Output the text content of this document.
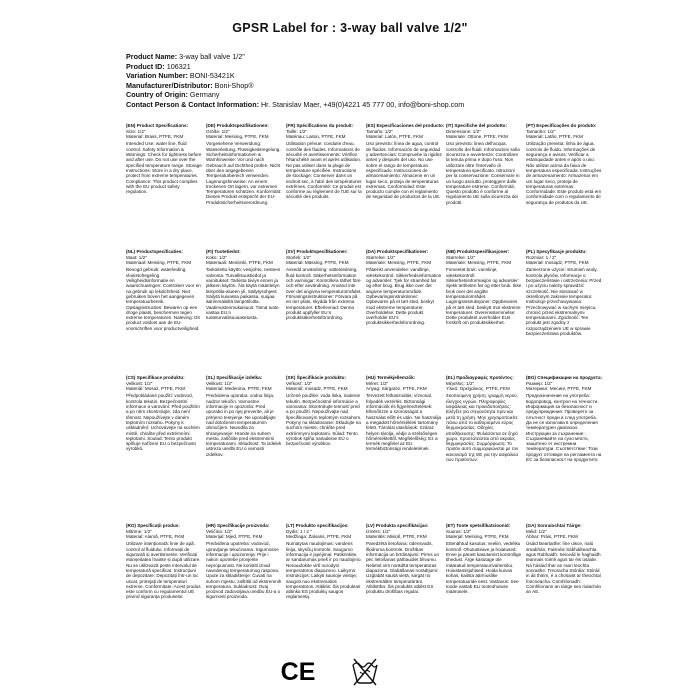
GPSR Label for : 3-way ball valve 1/2"
Product Name: 3-way ball valve 1/2"
Product ID: 106321
Variation Number: BONI-53421K
Manufacturer/Distributor: Boni-Shop®
Country of Origin: Germany
Contact Person & Contact Information: Hr. Stanislav Maer, +49(0)4221 45 777 00, info@boni-shop.com
(EN) Product Specifications:
Size: 1/2"
Material: Brass, PTFE, FKM
Intended Use: water line, fluid control. Safety Information & Warnings: Check for tightness before and after use. Do not use over the specified temperature range. Storage Instructions: Store in a dry place, protect from extreme temperatures. Compliance: This product complies with the EU product safety regulation.
(DE) Produktspezifikationen:
Größe: 1/2"
Material: Messing, PTFE, FKM
Vorgesehene Verwendung: Wasserleitung, Flüssigkeitsregelung. Sicherheitsinformationen & Warnhinweise: Vor und nach Gebrauch auf Dichtheit prüfen. Nicht über den angegebenen Temperaturbereich verwenden. Lagerungshinweise: An einem trockenen Ort lagern, vor extremen Temperaturen schützen. Konformität: Dieses Produkt entspricht der EU-Produktsicherheitsverordnung.
(FR) Spécifications du produit:
Taille: 1/2"
Matériau: Laiton, PTFE, FKM
Utilisation prévue: conduite d'eau, contrôle des fluides. Informations de sécurité et avertissements: Vérifiez l'étanchéité avant et après utilisation. Ne pas utiliser dans la plage de température spécifiée. Instructions de stockage: Conserver dans un endroit sec, à l'abri des températures extrêmes. Conformité: Ce produit est conforme au règlement de l'UE sur la sécurité des produits.
(ES) Especificaciones del producto:
Tamaño: 1/2"
Material: Latón, PTFE, FKM
Uso previsto: línea de agua, control de fluidos. Información de seguridad y advertencias: Compruebe la rigidez antes y después del uso. No use sobre el rango de temperatura especificado. Instrucciones de almacenamiento: Almacene en un lugar seco, proteja de temperaturas extremas. Conformidad: Este producto cumple con el reglamento de seguridad de productos de la UE.
(IT) Specifiche del prodotto:
Dimensione: 1/2"
Materiale: Ottone, PTFE, FKM
Uso previsto: linea dell'acqua, controllo dei fluidi. Informazioni sulla sicurezza e avvertenze: Controllare la tenuta prima e dopo l'uso. Non utilizzare oltre l'intervallo di temperatura specificato. Istruzioni per la conservazione: Conservare in un luogo asciutto, proteggere dalle temperature estreme. Conformità: Questo prodotto è conforme al regolamento UE sulla sicurezza dei prodotti.
(PT) Especificações do produto:
Tamanho: 1/2"
Material: Latão, PTFE, FKM
Utilização prevista: linha de água, controlo de fluido. Informações de segurança e avisos: Verificar a estanquidade antes e após o uso. Não utilizar acima da faixa de temperatura especificada. Instruções de armazenamento: Armazenar em um lugar seco, proteja de temperaturas extremas. Conformidade: Este produto está em conformidade com o regulamento de segurança de produtos da UE.
(NL) Productspecificaties:
Maat: 1/2"
Materiaal: Messing, PTFE, FKM
Beoogd gebruik: waterleiding, vloeistofregeling. Veiligheidsinformatie en waarschuwingen: Controleer voor en na gebruik op lekdichtheid. Niet gebruiken boven het aangegeven temperatuurbereik. Opslaginstructies: Bewaren op een droge plaats, beschermen tegen extreme temperaturen. Naleving: Dit product voldoet aan de EU-voorschriften voor productveiligheid.
(FI) Tuotetiedot:
Koko: 1/2"
Materiaali: Messinki, PTFE, FKM
Tarkoitettu käyttö: vesijohto, nesteen valvonta. Turvallisuustiedot ja varoitukset: Tarkista tiiviys ennen ja jälkeen käytön. Älä käytä määritetyn lämpötila-alueen yli. Säilytysohjeet: Säilytä kuivassa paikassa, suojaa äärimmäisiltä lämpötiloilta. Vaatimustenmukaisuus: Tämä tuote vastaa EU:n tuoteturvallisuusasetusta.
(SV) Produktspecifikationer:
Storlek: 1/2"
Material: Mässing, PTFE, FKM
Avsedd användning: vattenledning, fluid kontroll. Säkerhetsinformation och varningar: Kontrollera täthet före och efter användning. Använd inte över det angivna temperaturområdet. Förvaringsinstruktioner: Förvara på en torr plats, skydda från extrema temperaturer. Efterlevnad: Denna produkt uppfyller EU:s produktsäkerhetsförordning.
(DA) Produktspecifikationer:
Størrelse: 1/2"
Materiale: Messing, PTFE, FKM
Påtænkt anvendelse: vandlinje, væskekontrol. Sikkerhedsinformation og advarsler: Tjek for stramhed før og efter brug. Brug ikke over det angivne temperaturområde. Opbevaringsinstruktioner: Opbevares på et tørt sted, beskyt mod ekstreme temperaturer. Overholdelse: Dette produkt overholder EU's produktsikkerhedsforordning.
(NB) Produktspesifikasjoner:
Størrelse: 1/2"
Materiale: Messing, PTFE, FKM
Forventet bruk: vannlinje, væskekontroll. Sikkerhetsinformasjon og advarsler: Sjekk tettheten før og etter bruk. Ikke bruk over det angitte temperaturområdet. Lagringsinstruksjoner: Oppbevares på et tørt sted, beskytt mot ekstreme temperaturer. Overensstemmelse: Dette produktet overholder EUs forskrift om produktsikkerhet.
(PL) Specyfikacje produktu:
Rozmiar: 1 / 2"
Materiał: mosiądz, PTFE, FKM
Zamierzone użycie: strumień wody, kontrola płynów. Informacje o bezpieczeństwie i ostrzeżenia: Przed i po użyciu należy sprawdzić szczelność. Nie stosować w określonym zakresie temperatur. Instrukcje przechowywania: Przechowywać w suchym miejscu, chronić przed ekstremalnymi temperaturami. Zgodność: Ten produkt jest zgodny z rozporządzeniem UE w sprawie bezpieczeństwa produktów.
(CS) Specifikace produktu:
Velikost: 1/2"
Materiál: Mosaz, PTFE, FKM
Předpokládané použití: vodovod, kontrola tekutin. Bezpečnostní informace a varování: Před použitím a po něm zkontrolujte, zda není těsnost. Nepoužívejte v daném teplotním rozsahu. Pokyny k uskladnění: Uchovávejte na suchém místě, chraňte před extrémními teplotami. Soulad: Tento produkt splňuje nařízení EU o bezpečnosti výrobků.
(SL) Specifikacije izdelka:
Velikost: 1/2"
Material: Medenina, PTFE, FKM
Predvidena uporaba: vodna linija, nadzor tekočin. Varnostne informacije in opozorila: Pred uporabo in po njej preverite, ali je pritrjeno tesnjenje. Ne uporabljajte nad določenim temperaturnim območjem. Navodila za shranjevanje: Hranite na suhem mestu, zaščitite pred ekstremnimi temperaturami. Skladnost: Ta izdelek ustreza uredbi EU o varnosti izdelkov.
(SK) Špecifikácie produktu:
Veľkosť: 1/2"
Materiál: mosadz, PTFE, FKM
Určené použitie: voda linka, riadenie tekutín. Bezpečnostné informácie a varovania: Skontrolujte tesnosť pred a po použití. Nepoužívajte nad špecifikovaným teplotným rozsahom. Pokyny na skladovanie: Skladujte na suchom mieste, chráňte pred extrémnymi teplotami. Súlad: Tento výrobok spĺňa nariadenie EÚ o bezpečnosti výrobkov.
(HU) Termékjellemzők:
Méret: 1/2"
Anyag: Sárgaréz, PTFE, FKM
Tervezett felhasználás: vízvonal, folyadék vezérlés. Biztonsági információk és figyelmeztetések: Ellenőrizze a szorosságot a használat előtt és után. Ne használja a megadott hőmérsékleti tartomány felett. Tárolási utasítások: Száraz helyen tárolja, védje a szélsőséges hőmérséklettől. Megfelelőség: Ez a termék megfelel az EU termékbiztonsági rendeletének.
(EL) Προδιαγραφές προϊόντος:
Μέγεθος: 1/2"
Υλικό: Ορείχαλκος, PTFE, FKM
Σκοπούμενη χρήση: γραμμή νερού, έλεγχος υγρών. Πληροφορίες ασφάλειας και προειδοποιήσεις: Ελέγξτε για στεγανότητα πριν και μετά τη χρήση. Μην χρησιμοποιείτε πάνω από το καθορισμένο εύρος θερμοκρασίας. Οδηγίες αποθήκευσης: Φυλάσσεται σε ξηρό χώρο, προστατεύεται από ακραίες θερμοκρασίες. Συμμόρφωση: Το προϊόν αυτό συμμορφώνεται με τον κανονισμό της ΕΕ για την ασφάλεια των προϊόντων.
(BG) Спецификации на продукта:
Размер: 1/2"
Материал: Месинг, PTFE, FKM
Предназначение на употреба: водопровод, контрол на течности. Информация за безопасност и предупреждения: Проверете за плътност преди и след употреба. Да не се използва в определения температурен диапазон. Инструкции за съхранение: Съхранявайте на сухо място, защитено от екстремни температури. Съответствие: Този продукт отговаря на регламента на ЕС за безопасност на продуктите.
(RO) Specificații produs:
Mărime: 1/2"
Material: Alamă, PTFE, FKM
Utilizare intenționată: linie de apă, control al fluidului. Informații de siguranță și avertismente: Verificați etanșeitatea înainte și după utilizare. Nu se utilizează peste intervalul de temperatură specificat. Instrucțiuni de depozitare: Depozitați într-un loc uscat, protejați de temperaturi extreme. Conformitate: Acest produs este conform cu regulamentul UE privind siguranța produselor.
(HR) Specifikacije proizvoda:
Veličina: 1/2"
Materijal: Mjed, PTFE, FKM
Predviđena upotreba: vodovod, upravljanje tekućinama. Sigurnosne informacije i upozorenja: Prije i nakon upotrebe provjerite nepropusnost. Ne koristiti iznad navedenog temperaturnog raspona. Upute za skladištenje: Čuvati na suhom mjestu, zaštititi od ekstremnih temperatura. Sukladnost: Ovaj proizvod zadovoljava uredbu EU-a o sigurnosti proizvoda.
(LT) Produkto specifikacijos:
Dydis: 1 / 2 "
Medžiaga: Žalvaris, PTFE, FKM
Numatytas naudojimas: vandens linija, skysčių kontrolė. Saugumo informacija ir įspėjimai: Patikrinkite, ar sandarumas prieš ir po naudojimo. Nenaudokite virš nurodyto temperatūros diapazono. Laikymo instrukcijos: Laikyti sausoje vietoje, saugoti nuo ekstremalios temperatūros. Atitiktis: Šis produktas atitinka ES produktų saugos reglamentą.
(LV) Produkta specifikācijas:
Izmērs: 1/2"
Materiāls: Misiņš, PTFE, FKM
Paredzētā lietošana: ūdensvads, šķidruma kontrole. Drošības informācija un brīdinājumi: Pirms un pēc lietošanas pārbaudiet blīvumu. Nelietot virs norādītā temperatūras diapazona. Glabāšanas norādījumi: Uzglabāt sausā vietā, sargāt no ekstremālām temperatūrām. Atbilstība: Šis produkts atbilst ES produktu drošības regulai.
(ET) Toote spetsifikatsioonid:
Suurus: 1/2"
Materjal: Messing, PTFE, FKM
Ettenähtud kasutus: veeliin, vedeliku kontroll. Ohutusteave ja hoiatused: Enne ja pärast kasutamist kontrollige tihedust. Ärge kasutage üle määratud temperatuurivahemiku. Hoiustamisjuhised: Hoida kuivas kohas, kaitsta äärmuslike temperatuuride eest. Vastavus: See toode vastab ELi tooteohutuse määrusele.
(GA) Sonraíochtaí Táirge:
Méid: 1/2"
Ábhar: Práis, PTFE, FKM
Úsáid Beartaithe: líne uisce, rialú sreabhán. Faisnéis Sábháilteachta agus Rabhaidh: Seiceáil le haghaidh teannais roimh agus tar éis úsáide. Ná húsáid thar an raon teochta sonraithe. Treoracha Stórála: Stóráil in áit thirim, é a chosaint ar theochtaí foircneacha. Comhlíonadh: Comhlíonann an táirge seo rialachán an AE.
CE
